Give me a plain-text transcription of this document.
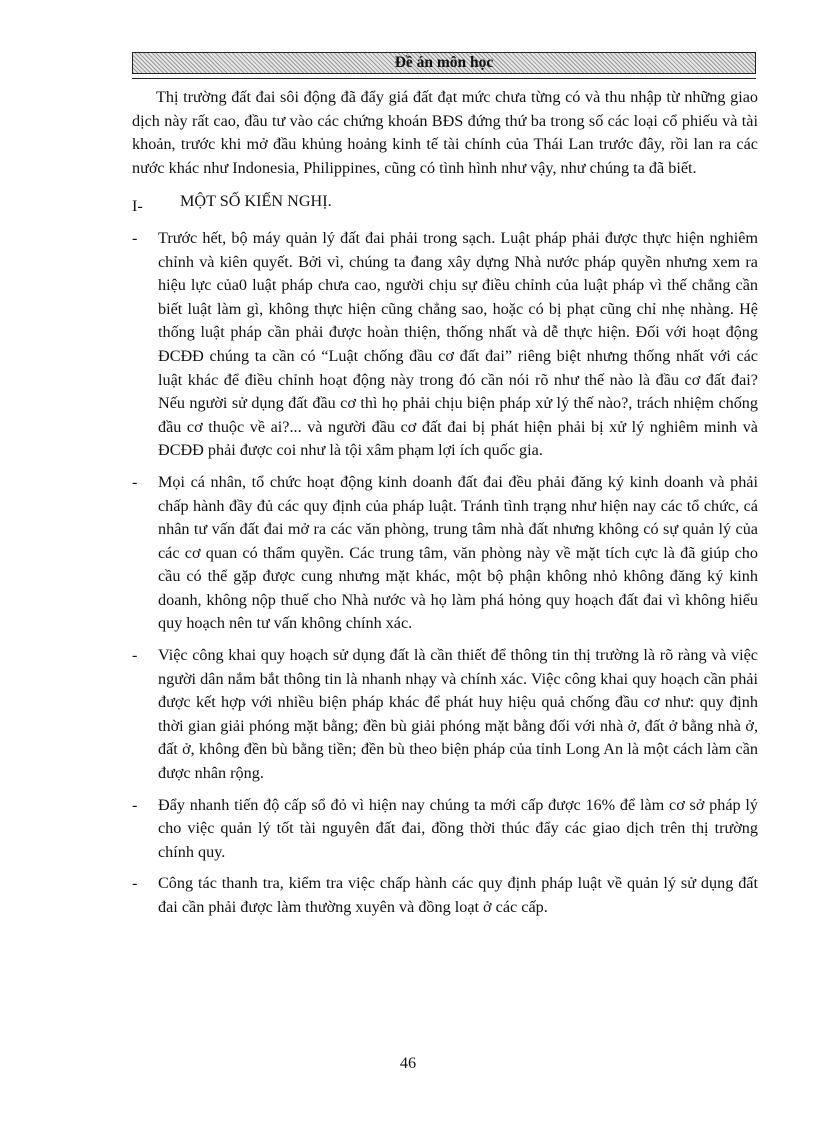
Đề án môn học

Thị trường đất đai sôi động đã đẩy giá đất đạt mức chưa từng có và thu nhập từ những giao dịch này rất cao, đầu tư vào các chứng khoán BĐS đứng thứ ba trong số các loại cổ phiếu và tài khoản, trước khi mở đầu khủng hoảng kinh tế tài chính của Thái Lan trước đây, rồi lan ra các nước khác như Indonesia, Philippines, cũng có tình hình như vậy, như chúng ta đã biết.

I-	MỘT SỐ KIẾN NGHỊ.
-	Trước hết, bộ máy quản lý đất đai phải trong sạch. Luật pháp phải được thực hiện nghiêm chỉnh và kiên quyết. Bởi vì, chúng ta đang xây dựng Nhà nước pháp quyền nhưng xem ra hiệu lực của0 luật pháp chưa cao, người chịu sự điều chỉnh của luật pháp vì thế chẳng cần biết luật làm gì, không thực hiện cũng chẳng sao, hoặc có bị phạt cũng chỉ nhẹ nhàng. Hệ thống luật pháp cần phải được hoàn thiện, thống nhất và dễ thực hiện. Đối với hoạt động ĐCĐĐ chúng ta cần có “Luật chống đầu cơ đất đai” riêng biệt nhưng thống nhất với các luật khác để điều chỉnh hoạt động này trong đó cần nói rõ như thế nào là đầu cơ đất đai? Nếu người sử dụng đất đầu cơ thì họ phải chịu biện pháp xử lý thế nào?, trách nhiệm chống đầu cơ thuộc về ai?... và người đầu cơ đất đai bị phát hiện phải bị xử lý nghiêm minh và ĐCĐĐ phải được coi như là tội xâm phạm lợi ích quốc gia.
-	Mọi cá nhân, tổ chức hoạt động kinh doanh đất đai đều phải đăng ký kinh doanh và phải chấp hành đầy đủ các quy định của pháp luật. Tránh tình trạng như hiện nay các tổ chức, cá nhân tư vấn đất đai mở ra các văn phòng, trung tâm nhà đất nhưng không có sự quản lý của các cơ quan có thẩm quyền. Các trung tâm, văn phòng này về mặt tích cực là đã giúp cho cầu có thể gặp được cung nhưng mặt khác, một bộ phận không nhỏ không đăng ký kinh doanh, không nộp thuế cho Nhà nước và họ làm phá hỏng quy hoạch đất đai vì không hiểu quy hoạch nên tư vấn không chính xác.
-	Việc công khai quy hoạch sử dụng đất là cần thiết để thông tin thị trường là rõ ràng và việc người dân nắm bắt thông tin là nhanh nhạy và chính xác. Việc công khai quy hoạch cần phải được kết hợp với nhiều biện pháp khác để phát huy hiệu quả chống đầu cơ như: quy định thời gian giải phóng mặt bằng; đền bù giải phóng mặt bằng đối với nhà ở, đất ở bằng nhà ở, đất ở, không đền bù bằng tiền; đền bù theo biện pháp của tỉnh Long An là một cách làm cần được nhân rộng.
-	Đẩy nhanh tiến độ cấp sổ đỏ vì hiện nay chúng ta mới cấp được 16% để làm cơ sở pháp lý cho việc quản lý tốt tài nguyên đất đai, đồng thời thúc đẩy các giao dịch trên thị trường chính quy.
-	Công tác thanh tra, kiểm tra việc chấp hành các quy định pháp luật về quản lý sử dụng đất đai cần phải được làm thường xuyên và đồng loạt ở các cấp.
46
